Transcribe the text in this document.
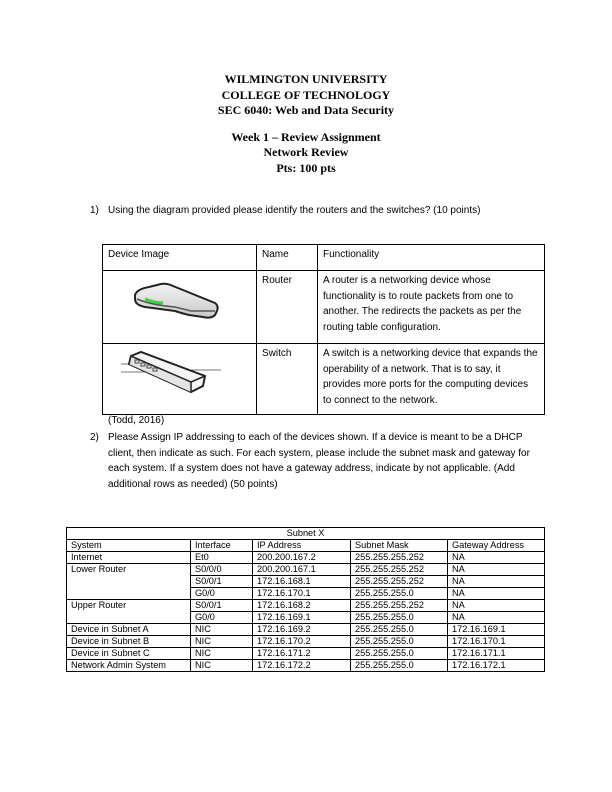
WILMINGTON UNIVERSITY
COLLEGE OF TECHNOLOGY
SEC 6040: Web and Data Security
Week 1 – Review Assignment
Network Review
Pts: 100 pts
1) Using the diagram provided please identify the routers and the switches? (10 points)
Device Image	Name	Functionality

	Router	A router is a networking device whose functionality is to route packets from one to another. The redirects the packets as per the routing table configuration.

	Switch	A switch is a networking device that expands the operability of a network. That is to say, it provides more ports for the computing devices to connect to the network.
(Todd, 2016)
2) Please Assign IP addressing to each of the devices shown. If a device is meant to be a DHCP client, then indicate as such. For each system, please include the subnet mask and gateway for each system. If a system does not have a gateway address, indicate by not applicable. (Add additional rows as needed) (50 points)
Subnet X				
System	Interface	IP Address	Subnet Mask	Gateway Address
Internet	Et0	200.200.167.2	255.255.255.252	NA
Lower Router	S0/0/0	200.200.167.1	255.255.255.252	NA
	S0/0/1	172.16.168.1	255.255.255.252	NA
	G0/0	172.16.170.1	255.255.255.0	NA
Upper Router	S0/0/1	172.16.168.2	255.255.255.252	NA
	G0/0	172.16.169.1	255.255.255.0	NA
Device in Subnet A	NIC	172.16.169.2	255.255.255.0	172.16.169.1
Device in Subnet B	NIC	172.16.170.2	255.255.255.0	172.16.170.1
Device in Subnet C	NIC	172.16.171.2	255.255.255.0	172.16.171.1
Network Admin System	NIC	172.16.172.2	255.255.255.0	172.16.172.1
